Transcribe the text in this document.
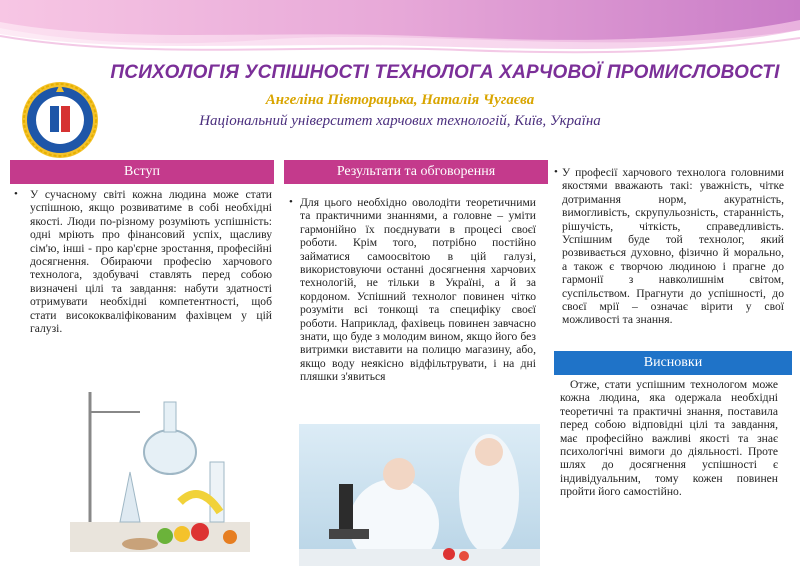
ПСИХОЛОГІЯ УСПІШНОСТІ ТЕХНОЛОГА ХАРЧОВОЇ ПРОМИСЛОВОСТІ
Ангеліна Півторацька, Наталія Чугаєва
Національний університет харчових технологій, Київ, Україна
Вступ
• У сучасному світі кожна людина може стати успішною, якщо розвиватиме в собі необхідні якості. Люди по-різному розуміють успішність: одні мріють про фінансовий успіх, щасливу сім'ю, інші - про кар'єрне зростання, професійні досягнення. Обираючи професію харчового технолога, здобувачі ставлять перед собою визначені цілі та завдання: набути здатності отримувати необхідні компетентності, щоб стати висококваліфікованим фахівцем у цій галузі.

Результати та обговорення
• Для цього необхідно оволодіти теоретичними та практичними знаннями, а головне – уміти гармонійно їх поєднувати в процесі своєї роботи. Крім того, потрібно постійно займатися самоосвітою в цій галузі, використовуючи останні досягнення харчових технологій, не тільки в Україні, а й за кордоном. Успішний технолог повинен чітко розуміти всі тонкощі та специфіку своєї роботи. Наприклад, фахівець повинен завчасно знати, що буде з молодим вином, якщо його без витримки виставити на полицю магазину, або, якщо воду неякісно відфільтрувати, і на дні пляшки з'явиться

• У професії харчового технолога головними якостями вважають такі: уважність, чітке дотримання норм, акуратність, вимогливість, скрупульозність, старанність, рішучість, чіткість, справедливість. Успішним буде той технолог, який розвивається духовно, фізично й морально, а також є творчою людиною і прагне до гармонії з навколишнім світом, суспільством. Прагнути до успішності, до своєї мрії – означає вірити у свої можливості та знання.

Висновки

Отже, стати успішним технологом може кожна людина, яка одержала необхідні теоретичні та практичні знання, поставила перед собою відповідні цілі та завдання, має професійно важливі якості та знає психологічні вимоги до діяльності. Проте шлях до досягнення успішності є індивідуальним, тому кожен повинен пройти його самостійно.
